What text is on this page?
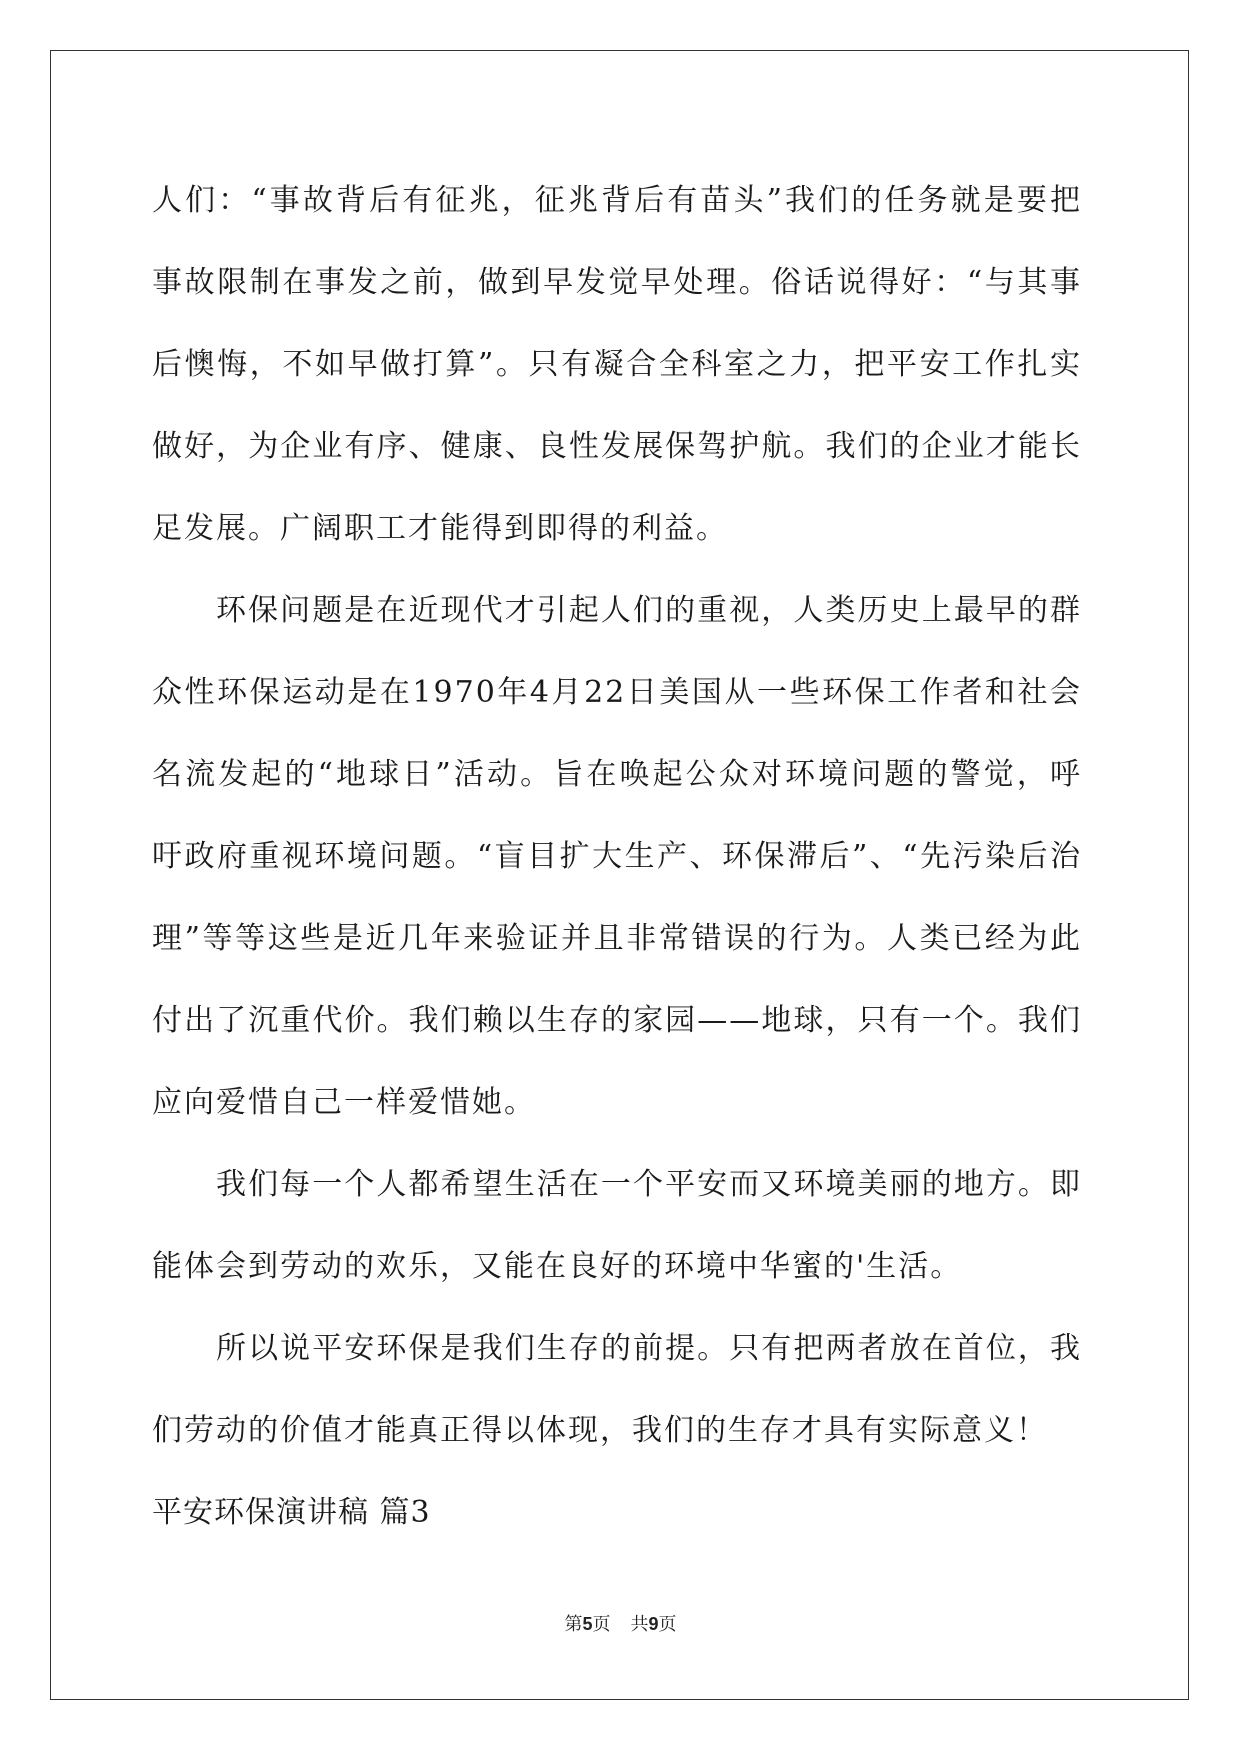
人们：“事故背后有征兆，征兆背后有苗头”我们的任务就是要把事故限制在事发之前，做到早发觉早处理。俗话说得好：“与其事后懊悔，不如早做打算”。只有凝合全科室之力，把平安工作扎实做好，为企业有序、健康、良性发展保驾护航。我们的企业才能长足发展。广阔职工才能得到即得的利益。

环保问题是在近现代才引起人们的重视，人类历史上最早的群众性环保运动是在1970年4月22日美国从一些环保工作者和社会名流发起的“地球日”活动。旨在唤起公众对环境问题的警觉，呼吁政府重视环境问题。“盲目扩大生产、环保滞后”、“先污染后治理”等等这些是近几年来验证并且非常错误的行为。人类已经为此付出了沉重代价。我们赖以生存的家园——地球，只有一个。我们应向爱惜自己一样爱惜她。

我们每一个人都希望生活在一个平安而又环境美丽的地方。即能体会到劳动的欢乐，又能在良好的环境中华蜜的'生活。

所以说平安环保是我们生存的前提。只有把两者放在首位，我们劳动的价值才能真正得以体现，我们的生存才具有实际意义！

平安环保演讲稿 篇3

第5页 共9页
